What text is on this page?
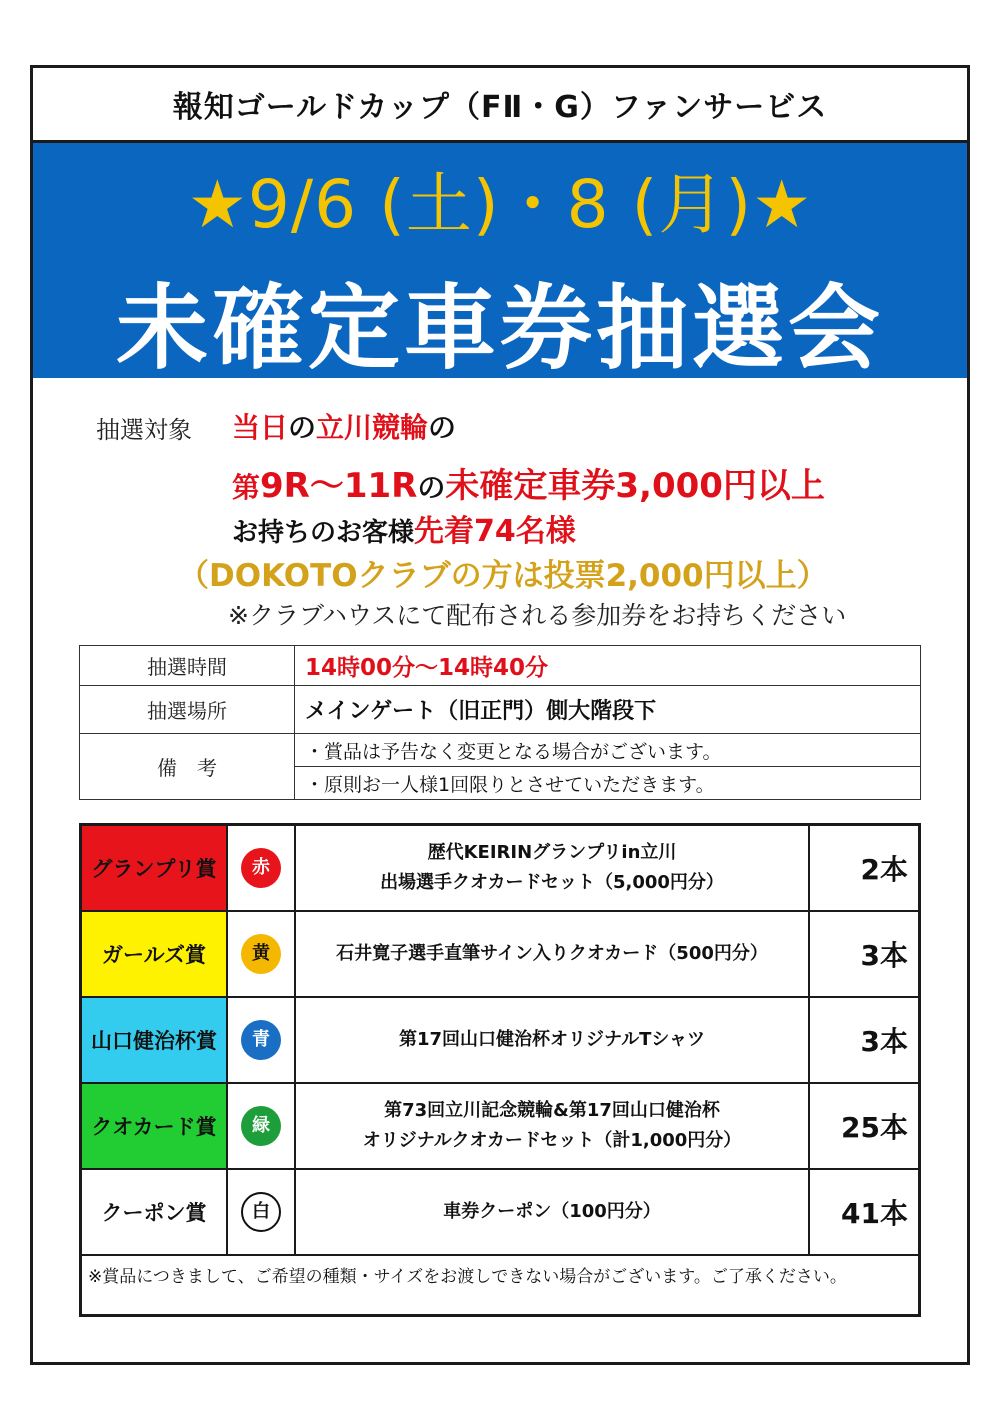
報知ゴールドカップ（FⅡ・G）ファンサービス
★9/6 (土)・8 (月)★
未確定車券抽選会
抽選対象 当日の立川競輪の
第9R～11Rの未確定車券3,000円以上
お持ちのお客様先着74名様
（DOKOTOクラブの方は投票2,000円以上）
※クラブハウスにて配布される参加券をお持ちください
抽選時間	14時00分～14時40分
抽選場所	メインゲート（旧正門）側大階段下
備　考	・賞品は予告なく変更となる場合がございます。
	・原則お一人様1回限りとさせていただきます。
グランプリ賞	赤	歴代KEIRINグランプリin立川
出場選手クオカードセット（5,000円分）	2本
ガールズ賞	黄	石井寛子選手直筆サイン入りクオカード（500円分）	3本
山口健治杯賞	青	第17回山口健治杯オリジナルTシャツ	3本
クオカード賞	緑	第73回立川記念競輪&第17回山口健治杯
オリジナルクオカードセット（計1,000円分）	25本
クーポン賞	白	車券クーポン（100円分）	41本
※賞品につきまして、ご希望の種類・サイズをお渡しできない場合がございます。ご了承ください。			
